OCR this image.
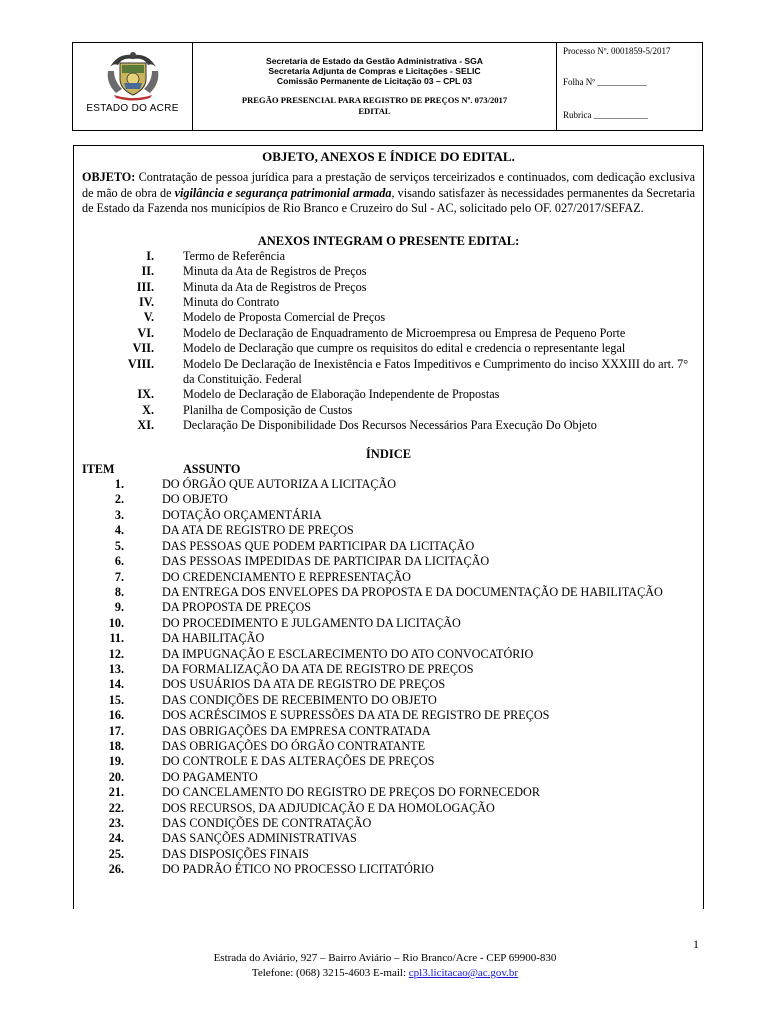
ESTADO DO ACRE
Secretaria de Estado da Gestão Administrativa - SGA
Secretaria Adjunta de Compras e Licitações - SELIC
Comissão Permanente de Licitação 03 – CPL 03
PREGÃO PRESENCIAL PARA REGISTRO DE PREÇOS Nº. 073/2017
EDITAL
Processo Nº. 0001859-5/2017
Folha Nº ___________
Rubrica ____________
OBJETO, ANEXOS E ÍNDICE DO EDITAL.
OBJETO: Contratação de pessoa jurídica para a prestação de serviços terceirizados e continuados, com dedicação exclusiva de mão de obra de vigilância e segurança patrimonial armada, visando satisfazer às necessidades permanentes da Secretaria de Estado da Fazenda nos municípios de Rio Branco e Cruzeiro do Sul - AC, solicitado pelo OF. 027/2017/SEFAZ.
ANEXOS INTEGRAM O PRESENTE EDITAL:
I.	Termo de Referência
II.	Minuta da Ata de Registros de Preços
III.	Minuta da Ata de Registros de Preços
IV.	Minuta do Contrato
V.	Modelo de Proposta Comercial de Preços
VI.	Modelo de Declaração de Enquadramento de Microempresa ou Empresa de Pequeno Porte
VII.	Modelo de Declaração que cumpre os requisitos do edital e credencia o representante legal
VIII.	Modelo De Declaração de Inexistência e Fatos Impeditivos e Cumprimento do inciso XXXIII do art. 7° da Constituição. Federal
IX.	Modelo de Declaração de Elaboração Independente de Propostas
X.	Planilha de Composição de Custos
XI.	Declaração De Disponibilidade Dos Recursos Necessários Para Execução Do Objeto
ÍNDICE
ITEM	ASSUNTO
1.	DO ÓRGÃO QUE AUTORIZA A LICITAÇÃO
2.	DO OBJETO
3.	DOTAÇÃO ORÇAMENTÁRIA
4.	DA ATA DE REGISTRO DE PREÇOS
5.	DAS PESSOAS QUE PODEM PARTICIPAR DA LICITAÇÃO
6.	DAS PESSOAS IMPEDIDAS DE PARTICIPAR DA LICITAÇÃO
7.	DO CREDENCIAMENTO E REPRESENTAÇÃO
8.	DA ENTREGA DOS ENVELOPES DA PROPOSTA E DA DOCUMENTAÇÃO DE HABILITAÇÃO
9.	DA PROPOSTA DE PREÇOS
10.	DO PROCEDIMENTO E JULGAMENTO DA LICITAÇÃO
11.	DA HABILITAÇÃO
12.	DA IMPUGNAÇÃO E ESCLARECIMENTO DO ATO CONVOCATÓRIO
13.	DA FORMALIZAÇÃO DA ATA DE REGISTRO DE PREÇOS
14.	DOS USUÁRIOS DA ATA DE REGISTRO DE PREÇOS
15.	DAS CONDIÇÕES DE RECEBIMENTO DO OBJETO
16.	DOS ACRÉSCIMOS E SUPRESSÕES DA ATA DE REGISTRO DE PREÇOS
17.	DAS OBRIGAÇÕES DA EMPRESA CONTRATADA
18.	DAS OBRIGAÇÕES DO ÓRGÃO CONTRATANTE
19.	DO CONTROLE E DAS ALTERAÇÕES DE PREÇOS
20.	DO PAGAMENTO
21.	DO CANCELAMENTO DO REGISTRO DE PREÇOS DO FORNECEDOR
22.	DOS RECURSOS, DA ADJUDICAÇÃO E DA HOMOLOGAÇÃO
23.	DAS CONDIÇÕES DE CONTRATAÇÃO
24.	DAS SANÇÕES ADMINISTRATIVAS
25.	DAS DISPOSIÇÕES FINAIS
26.	DO PADRÃO ÉTICO NO PROCESSO LICITATÓRIO
1
Estrada do Aviário, 927 – Bairro Aviário – Rio Branco/Acre - CEP 69900-830
Telefone: (068) 3215-4603 E-mail: cpl3.licitacao@ac.gov.br
